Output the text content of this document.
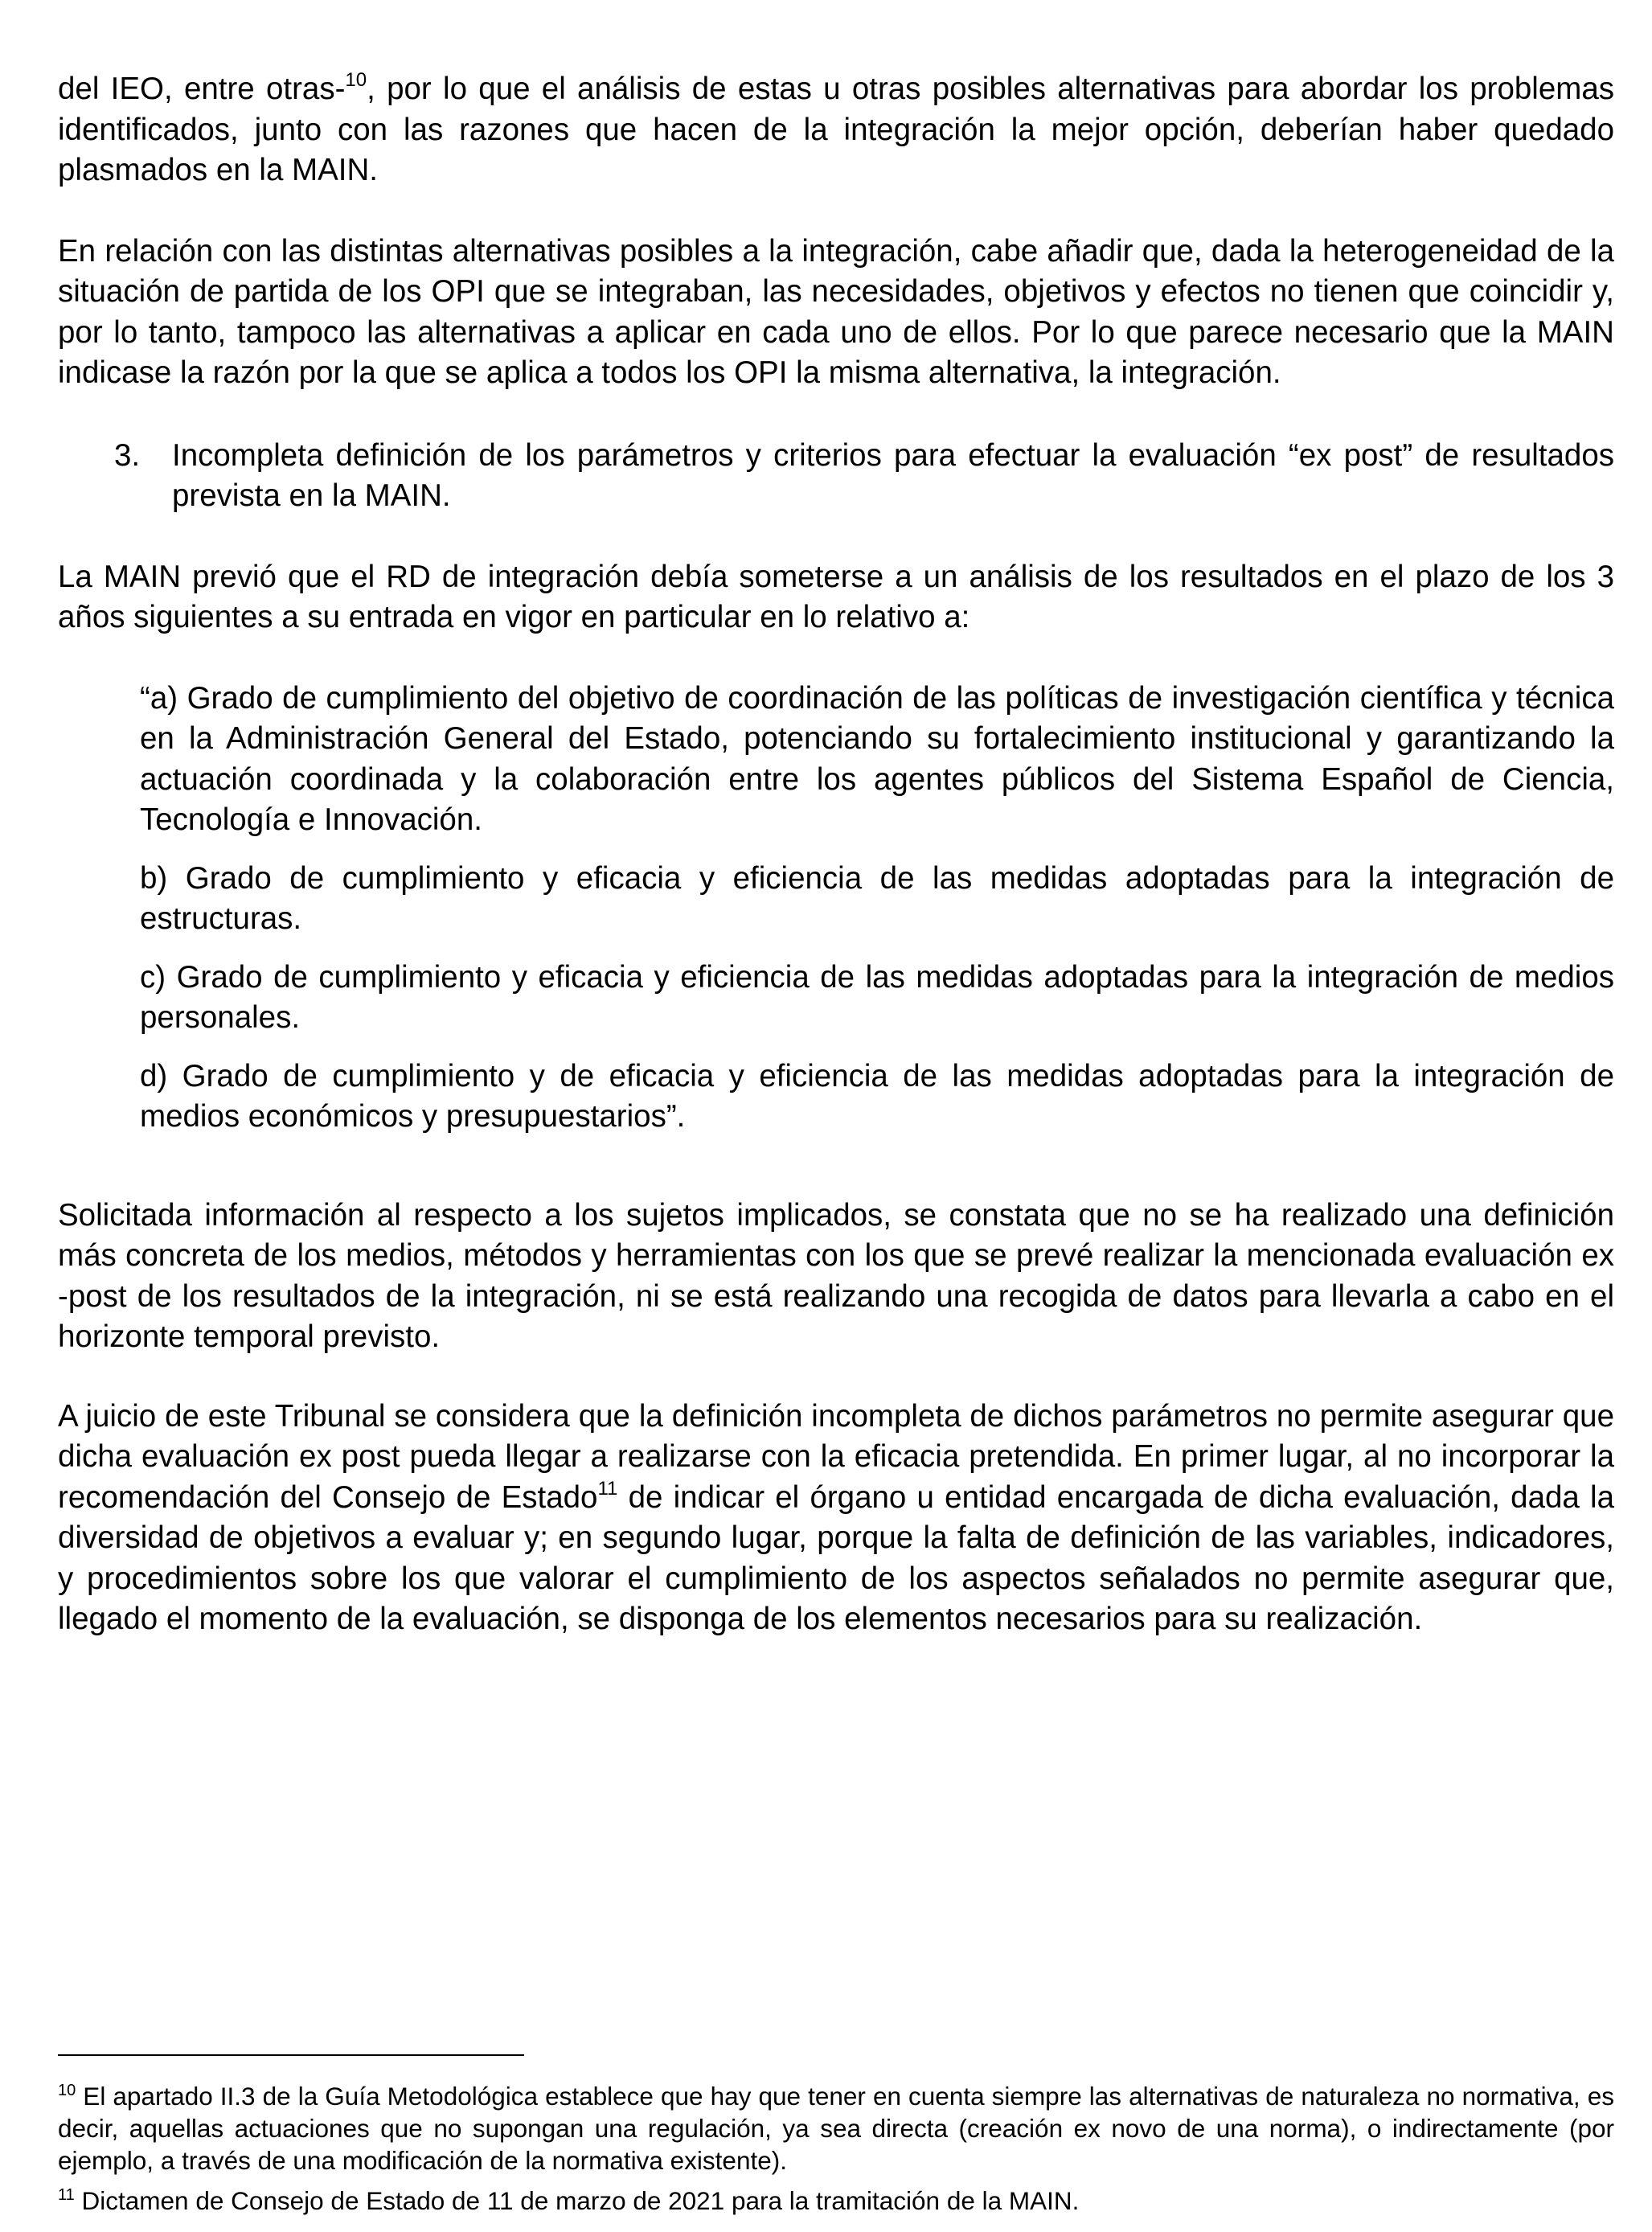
del IEO, entre otras-$^{10}$, por lo que el análisis de estas u otras posibles alternativas para abordar los problemas identificados, junto con las razones que hacen de la integración la mejor opción, deberían haber quedado plasmados en la MAIN.

En relación con las distintas alternativas posibles a la integración, cabe añadir que, dada la heterogeneidad de la situación de partida de los OPI que se integraban, las necesidades, objetivos y efectos no tienen que coincidir y, por lo tanto, tampoco las alternativas a aplicar en cada uno de ellos. Por lo que parece necesario que la MAIN indicase la razón por la que se aplica a todos los OPI la misma alternativa, la integración.

3.	Incompleta definición de los parámetros y criterios para efectuar la evaluación “ex post” de resultados prevista en la MAIN.

La MAIN previó que el RD de integración debía someterse a un análisis de los resultados en el plazo de los 3 años siguientes a su entrada en vigor en particular en lo relativo a:

“a) Grado de cumplimiento del objetivo de coordinación de las políticas de investigación científica y técnica en la Administración General del Estado, potenciando su fortalecimiento institucional y garantizando la actuación coordinada y la colaboración entre los agentes públicos del Sistema Español de Ciencia, Tecnología e Innovación.

b) Grado de cumplimiento y eficacia y eficiencia de las medidas adoptadas para la integración de estructuras.

c) Grado de cumplimiento y eficacia y eficiencia de las medidas adoptadas para la integración de medios personales.

d) Grado de cumplimiento y de eficacia y eficiencia de las medidas adoptadas para la integración de medios económicos y presupuestarios”.

Solicitada información al respecto a los sujetos implicados, se constata que no se ha realizado una definición más concreta de los medios, métodos y herramientas con los que se prevé realizar la mencionada evaluación ex -post de los resultados de la integración, ni se está realizando una recogida de datos para llevarla a cabo en el horizonte temporal previsto.

A juicio de este Tribunal se considera que la definición incompleta de dichos parámetros no permite asegurar que dicha evaluación ex post pueda llegar a realizarse con la eficacia pretendida. En primer lugar, al no incorporar la recomendación del Consejo de Estado$^{11}$ de indicar el órgano u entidad encargada de dicha evaluación, dada la diversidad de objetivos a evaluar y; en segundo lugar, porque la falta de definición de las variables, indicadores, y procedimientos sobre los que valorar el cumplimiento de los aspectos señalados no permite asegurar que, llegado el momento de la evaluación, se disponga de los elementos necesarios para su realización.

$^{10}$ El apartado II.3 de la Guía Metodológica establece que hay que tener en cuenta siempre las alternativas de naturaleza no normativa, es decir, aquellas actuaciones que no supongan una regulación, ya sea directa (creación ex novo de una norma), o indirectamente (por ejemplo, a través de una modificación de la normativa existente).

$^{11}$ Dictamen de Consejo de Estado de 11 de marzo de 2021 para la tramitación de la MAIN.
